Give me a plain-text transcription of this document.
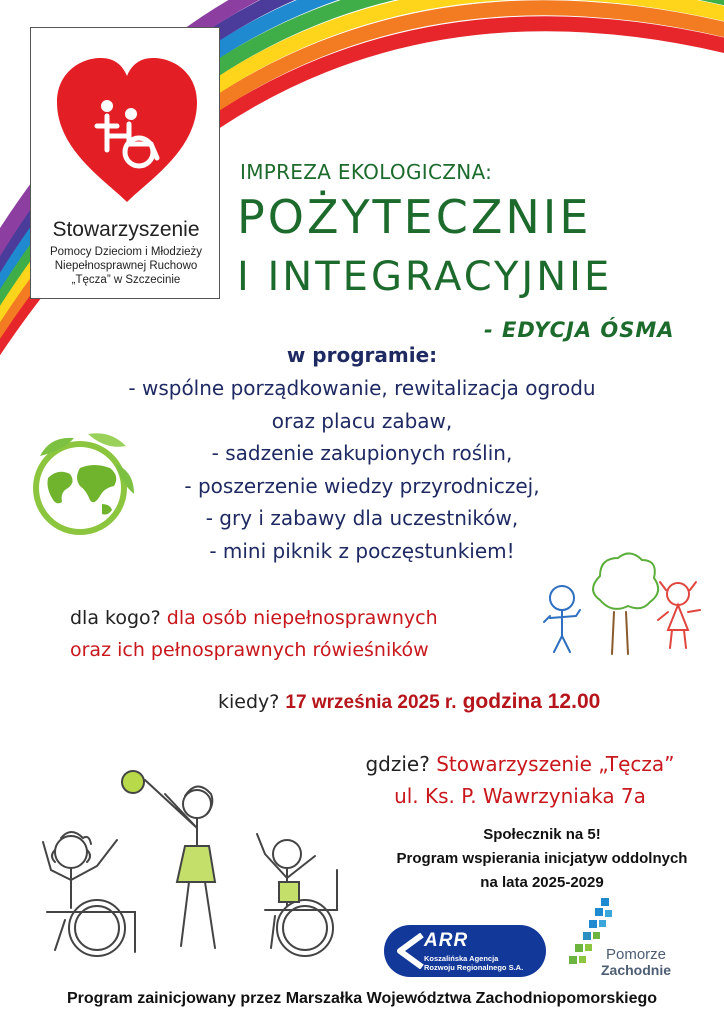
Stowarzyszenie
Pomocy Dzieciom i Młodzieży
Niepełnosprawnej Ruchowo
„Tęcza” w Szczecinie
IMPREZA EKOLOGICZNA:
POŻYTECZNIE
I INTEGRACYJNIE
- EDYCJA ÓSMA
w programie:
- wspólne porządkowanie, rewitalizacja ogrodu
oraz placu zabaw,
- sadzenie zakupionych roślin,
- poszerzenie wiedzy przyrodniczej,
- gry i zabawy dla uczestników,
- mini piknik z poczęstunkiem!
dla kogo? dla osób niepełnosprawnych
oraz ich pełnosprawnych rówieśników
kiedy? 17 września 2025 r. godzina 12.00
gdzie? Stowarzyszenie „Tęcza”
ul. Ks. P. Wawrzyniaka 7a
Społecznik na 5!
Program wspierania inicjatyw oddolnych
na lata 2025-2029
ARR
Koszalińska Agencja
Rozwoju Regionalnego S.A.
Pomorze
Zachodnie
Program zainicjowany przez Marszałka Województwa Zachodniopomorskiego
